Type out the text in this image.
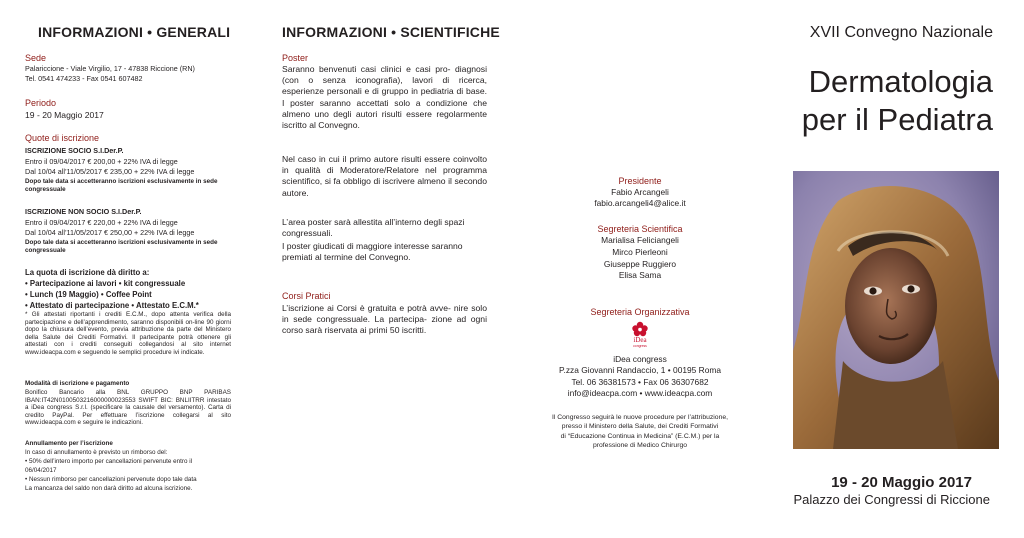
INFORMAZIONI • GENERALI
Sede
Palariccione - Viale Virgilio, 17 - 47838 Riccione (RN)
Tel. 0541 474233 - Fax 0541 607482
Periodo
19 - 20 Maggio 2017
Quote di iscrizione
ISCRIZIONE SOCIO S.I.Der.P.
Entro il 09/04/2017 € 200,00 + 22% IVA di legge
Dal 10/04 all’11/05/2017 € 235,00 + 22% IVA di legge
Dopo tale data si accetteranno iscrizioni esclusivamente in sede
congressuale
ISCRIZIONE NON SOCIO S.I.Der.P.
Entro il 09/04/2017 € 220,00 + 22% IVA di legge
Dal 10/04 all’11/05/2017 € 250,00 + 22% IVA di legge
Dopo tale data si accetteranno iscrizioni esclusivamente in sede
congressuale
La quota di iscrizione dà diritto a:
• Partecipazione ai lavori • kit congressuale
• Lunch (19 Maggio) • Coffee Point
• Attestato di partecipazione • Attestato E.C.M.*
* Gli attestati riportanti i crediti E.C.M., dopo attenta verifica della partecipazione e dell’apprendimento, saranno disponibili on-line 90 giorni dopo la chiusura dell’evento, previa attribuzione da parte del Ministero della Salute dei Crediti Formativi. Il partecipante potrà ottenere gli attestati con i crediti conseguiti collegandosi al sito internet www.ideacpa.com e seguendo le semplici procedure ivi indicate.
Modalità di iscrizione e pagamento
Bonifico Bancario alla BNL GRUPPO BNP PARIBAS IBAN:IT42N0100503216000000023553 SWIFT BIC: BNLIITRR intestato a iDea congress S.r.l. (specificare la causale del versamento). Carta di credito PayPal. Per effettuare l’iscrizione collegarsi al sito www.ideacpa.com e seguire le indicazioni.
Annullamento per l’iscrizione
In caso di annullamento è previsto un rimborso del:
• 50% dell’intero importo per cancellazioni pervenute entro il
06/04/2017
• Nessun rimborso per cancellazioni pervenute dopo tale data
La mancanza del saldo non darà diritto ad alcuna iscrizione.
INFORMAZIONI • SCIENTIFICHE
Poster
Saranno benvenuti casi clinici e casi pro- diagnosi (con o senza iconografia), lavori di ricerca, esperienze personali e di gruppo in pediatria di base. I poster saranno accettati solo a condizione che almeno uno degli autori risulti essere regolarmente iscritto al Convegno.
Nel caso in cui il primo autore risulti essere coinvolto in qualità di Moderatore/Relatore nel programma scientifico, si fa obbligo di iscrivere almeno il secondo autore.
L’area poster sarà allestita all’interno degli spazi congressuali.
I poster giudicati di maggiore interesse saranno premiati al termine del Convegno.
Corsi Pratici
L’iscrizione ai Corsi è gratuita e potrà avve- nire solo in sede congressuale. La partecipa- zione ad ogni corso sarà riservata ai primi 50 iscritti.
Presidente
Fabio Arcangeli
fabio.arcangeli4@alice.it
Segreteria Scientifica
Marialisa Feliciangeli
Mirco Pierleoni
Giuseppe Ruggiero
Elisa Sama
Segreteria Organizzativa
iDea
congress
iDea congress
P.zza Giovanni Randaccio, 1 • 00195 Roma
Tel. 06 36381573 • Fax 06 36307682
info@ideacpa.com • www.ideacpa.com
Il Congresso seguirà le nuove procedure per l’attribuzione,
presso il Ministero della Salute, dei Crediti Formativi
di “Educazione Continua in Medicina” (E.C.M.) per la
professione di Medico Chirurgo
XVII Convegno Nazionale
Dermatologia
per il Pediatra
19 - 20 Maggio 2017
Palazzo dei Congressi di Riccione
